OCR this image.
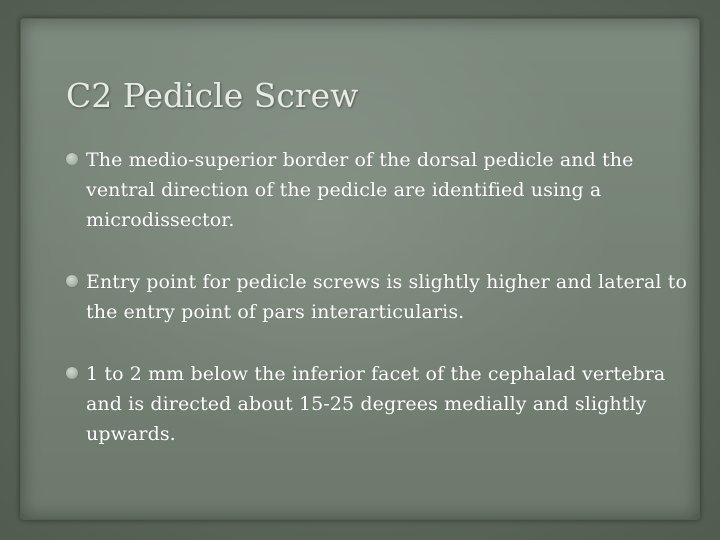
C2 Pedicle Screw
The medio-superior border of the dorsal pedicle and the ventral direction of the pedicle are identified using a microdissector.
Entry point for pedicle screws is slightly higher and lateral to the entry point of pars interarticularis.
1 to 2 mm below the inferior facet of the cephalad vertebra and is directed about 15-25 degrees medially and slightly upwards.
